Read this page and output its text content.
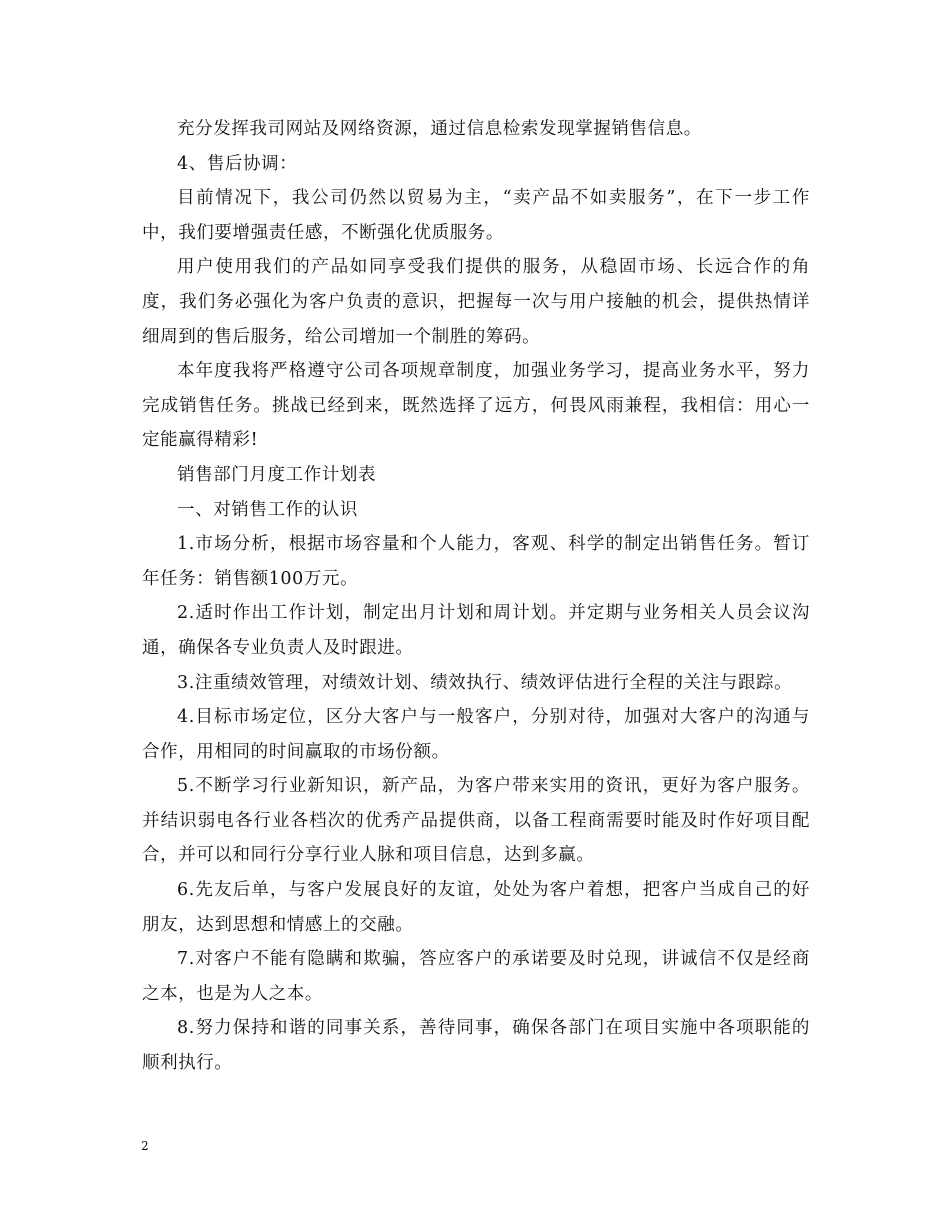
充分发挥我司网站及网络资源，通过信息检索发现掌握销售信息。

4、售后协调：

目前情况下，我公司仍然以贸易为主，“卖产品不如卖服务”，在下一步工作中，我们要增强责任感，不断强化优质服务。

用户使用我们的产品如同享受我们提供的服务，从稳固市场、长远合作的角度，我们务必强化为客户负责的意识，把握每一次与用户接触的机会，提供热情详细周到的售后服务，给公司增加一个制胜的筹码。

本年度我将严格遵守公司各项规章制度，加强业务学习，提高业务水平，努力完成销售任务。挑战已经到来，既然选择了远方，何畏风雨兼程，我相信：用心一定能赢得精彩!

销售部门月度工作计划表

一、对销售工作的认识

1.市场分析，根据市场容量和个人能力，客观、科学的制定出销售任务。暂订年任务：销售额100万元。

2.适时作出工作计划，制定出月计划和周计划。并定期与业务相关人员会议沟通，确保各专业负责人及时跟进。

3.注重绩效管理，对绩效计划、绩效执行、绩效评估进行全程的关注与跟踪。

4.目标市场定位，区分大客户与一般客户，分别对待，加强对大客户的沟通与合作，用相同的时间赢取的市场份额。

5.不断学习行业新知识，新产品，为客户带来实用的资讯，更好为客户服务。并结识弱电各行业各档次的优秀产品提供商，以备工程商需要时能及时作好项目配合，并可以和同行分享行业人脉和项目信息，达到多赢。

6.先友后单，与客户发展良好的友谊，处处为客户着想，把客户当成自己的好朋友，达到思想和情感上的交融。

7.对客户不能有隐瞒和欺骗，答应客户的承诺要及时兑现，讲诚信不仅是经商之本，也是为人之本。

8.努力保持和谐的同事关系，善待同事，确保各部门在项目实施中各项职能的顺利执行。

2
